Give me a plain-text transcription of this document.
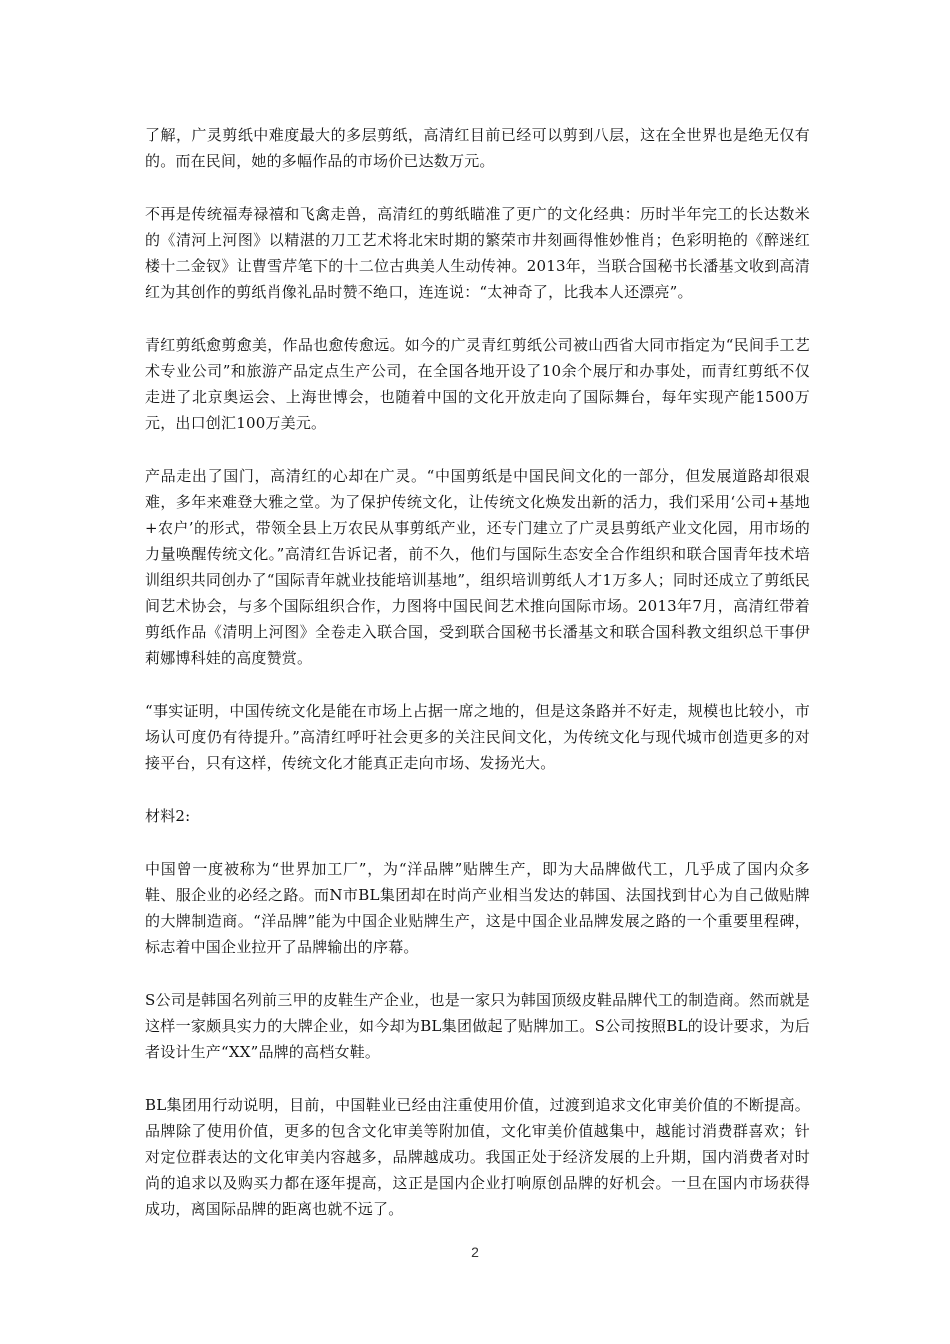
了解，广灵剪纸中难度最大的多层剪纸，高清红目前已经可以剪到八层，这在全世界也是绝无仅有的。而在民间，她的多幅作品的市场价已达数万元。

不再是传统福寿禄禧和飞禽走兽，高清红的剪纸瞄准了更广的文化经典：历时半年完工的长达数米的《清河上河图》以精湛的刀工艺术将北宋时期的繁荣市井刻画得惟妙惟肖；色彩明艳的《醉迷红楼十二金钗》让曹雪芹笔下的十二位古典美人生动传神。2013年，当联合国秘书长潘基文收到高清红为其创作的剪纸肖像礼品时赞不绝口，连连说：“太神奇了，比我本人还漂亮”。

青红剪纸愈剪愈美，作品也愈传愈远。如今的广灵青红剪纸公司被山西省大同市指定为“民间手工艺术专业公司”和旅游产品定点生产公司，在全国各地开设了10余个展厅和办事处，而青红剪纸不仅走进了北京奥运会、上海世博会，也随着中国的文化开放走向了国际舞台，每年实现产能1500万元，出口创汇100万美元。

产品走出了国门，高清红的心却在广灵。“中国剪纸是中国民间文化的一部分，但发展道路却很艰难，多年来难登大雅之堂。为了保护传统文化，让传统文化焕发出新的活力，我们采用‘公司+基地+农户’的形式，带领全县上万农民从事剪纸产业，还专门建立了广灵县剪纸产业文化园，用市场的力量唤醒传统文化。”高清红告诉记者，前不久，他们与国际生态安全合作组织和联合国青年技术培训组织共同创办了“国际青年就业技能培训基地”，组织培训剪纸人才1万多人；同时还成立了剪纸民间艺术协会，与多个国际组织合作，力图将中国民间艺术推向国际市场。2013年7月，高清红带着剪纸作品《清明上河图》全卷走入联合国，受到联合国秘书长潘基文和联合国科教文组织总干事伊莉娜博科娃的高度赞赏。

“事实证明，中国传统文化是能在市场上占据一席之地的，但是这条路并不好走，规模也比较小，市场认可度仍有待提升。”高清红呼吁社会更多的关注民间文化，为传统文化与现代城市创造更多的对接平台，只有这样，传统文化才能真正走向市场、发扬光大。

材料2:

中国曾一度被称为“世界加工厂”，为“洋品牌”贴牌生产，即为大品牌做代工，几乎成了国内众多鞋、服企业的必经之路。而N市BL集团却在时尚产业相当发达的韩国、法国找到甘心为自己做贴牌的大牌制造商。“洋品牌”能为中国企业贴牌生产，这是中国企业品牌发展之路的一个重要里程碑，标志着中国企业拉开了品牌输出的序幕。

S公司是韩国名列前三甲的皮鞋生产企业，也是一家只为韩国顶级皮鞋品牌代工的制造商。然而就是这样一家颇具实力的大牌企业，如今却为BL集团做起了贴牌加工。S公司按照BL的设计要求，为后者设计生产“XX”品牌的高档女鞋。

BL集团用行动说明，目前，中国鞋业已经由注重使用价值，过渡到追求文化审美价值的不断提高。品牌除了使用价值，更多的包含文化审美等附加值，文化审美价值越集中，越能讨消费群喜欢；针对定位群表达的文化审美内容越多，品牌越成功。我国正处于经济发展的上升期，国内消费者对时尚的追求以及购买力都在逐年提高，这正是国内企业打响原创品牌的好机会。一旦在国内市场获得成功，离国际品牌的距离也就不远了。

2
